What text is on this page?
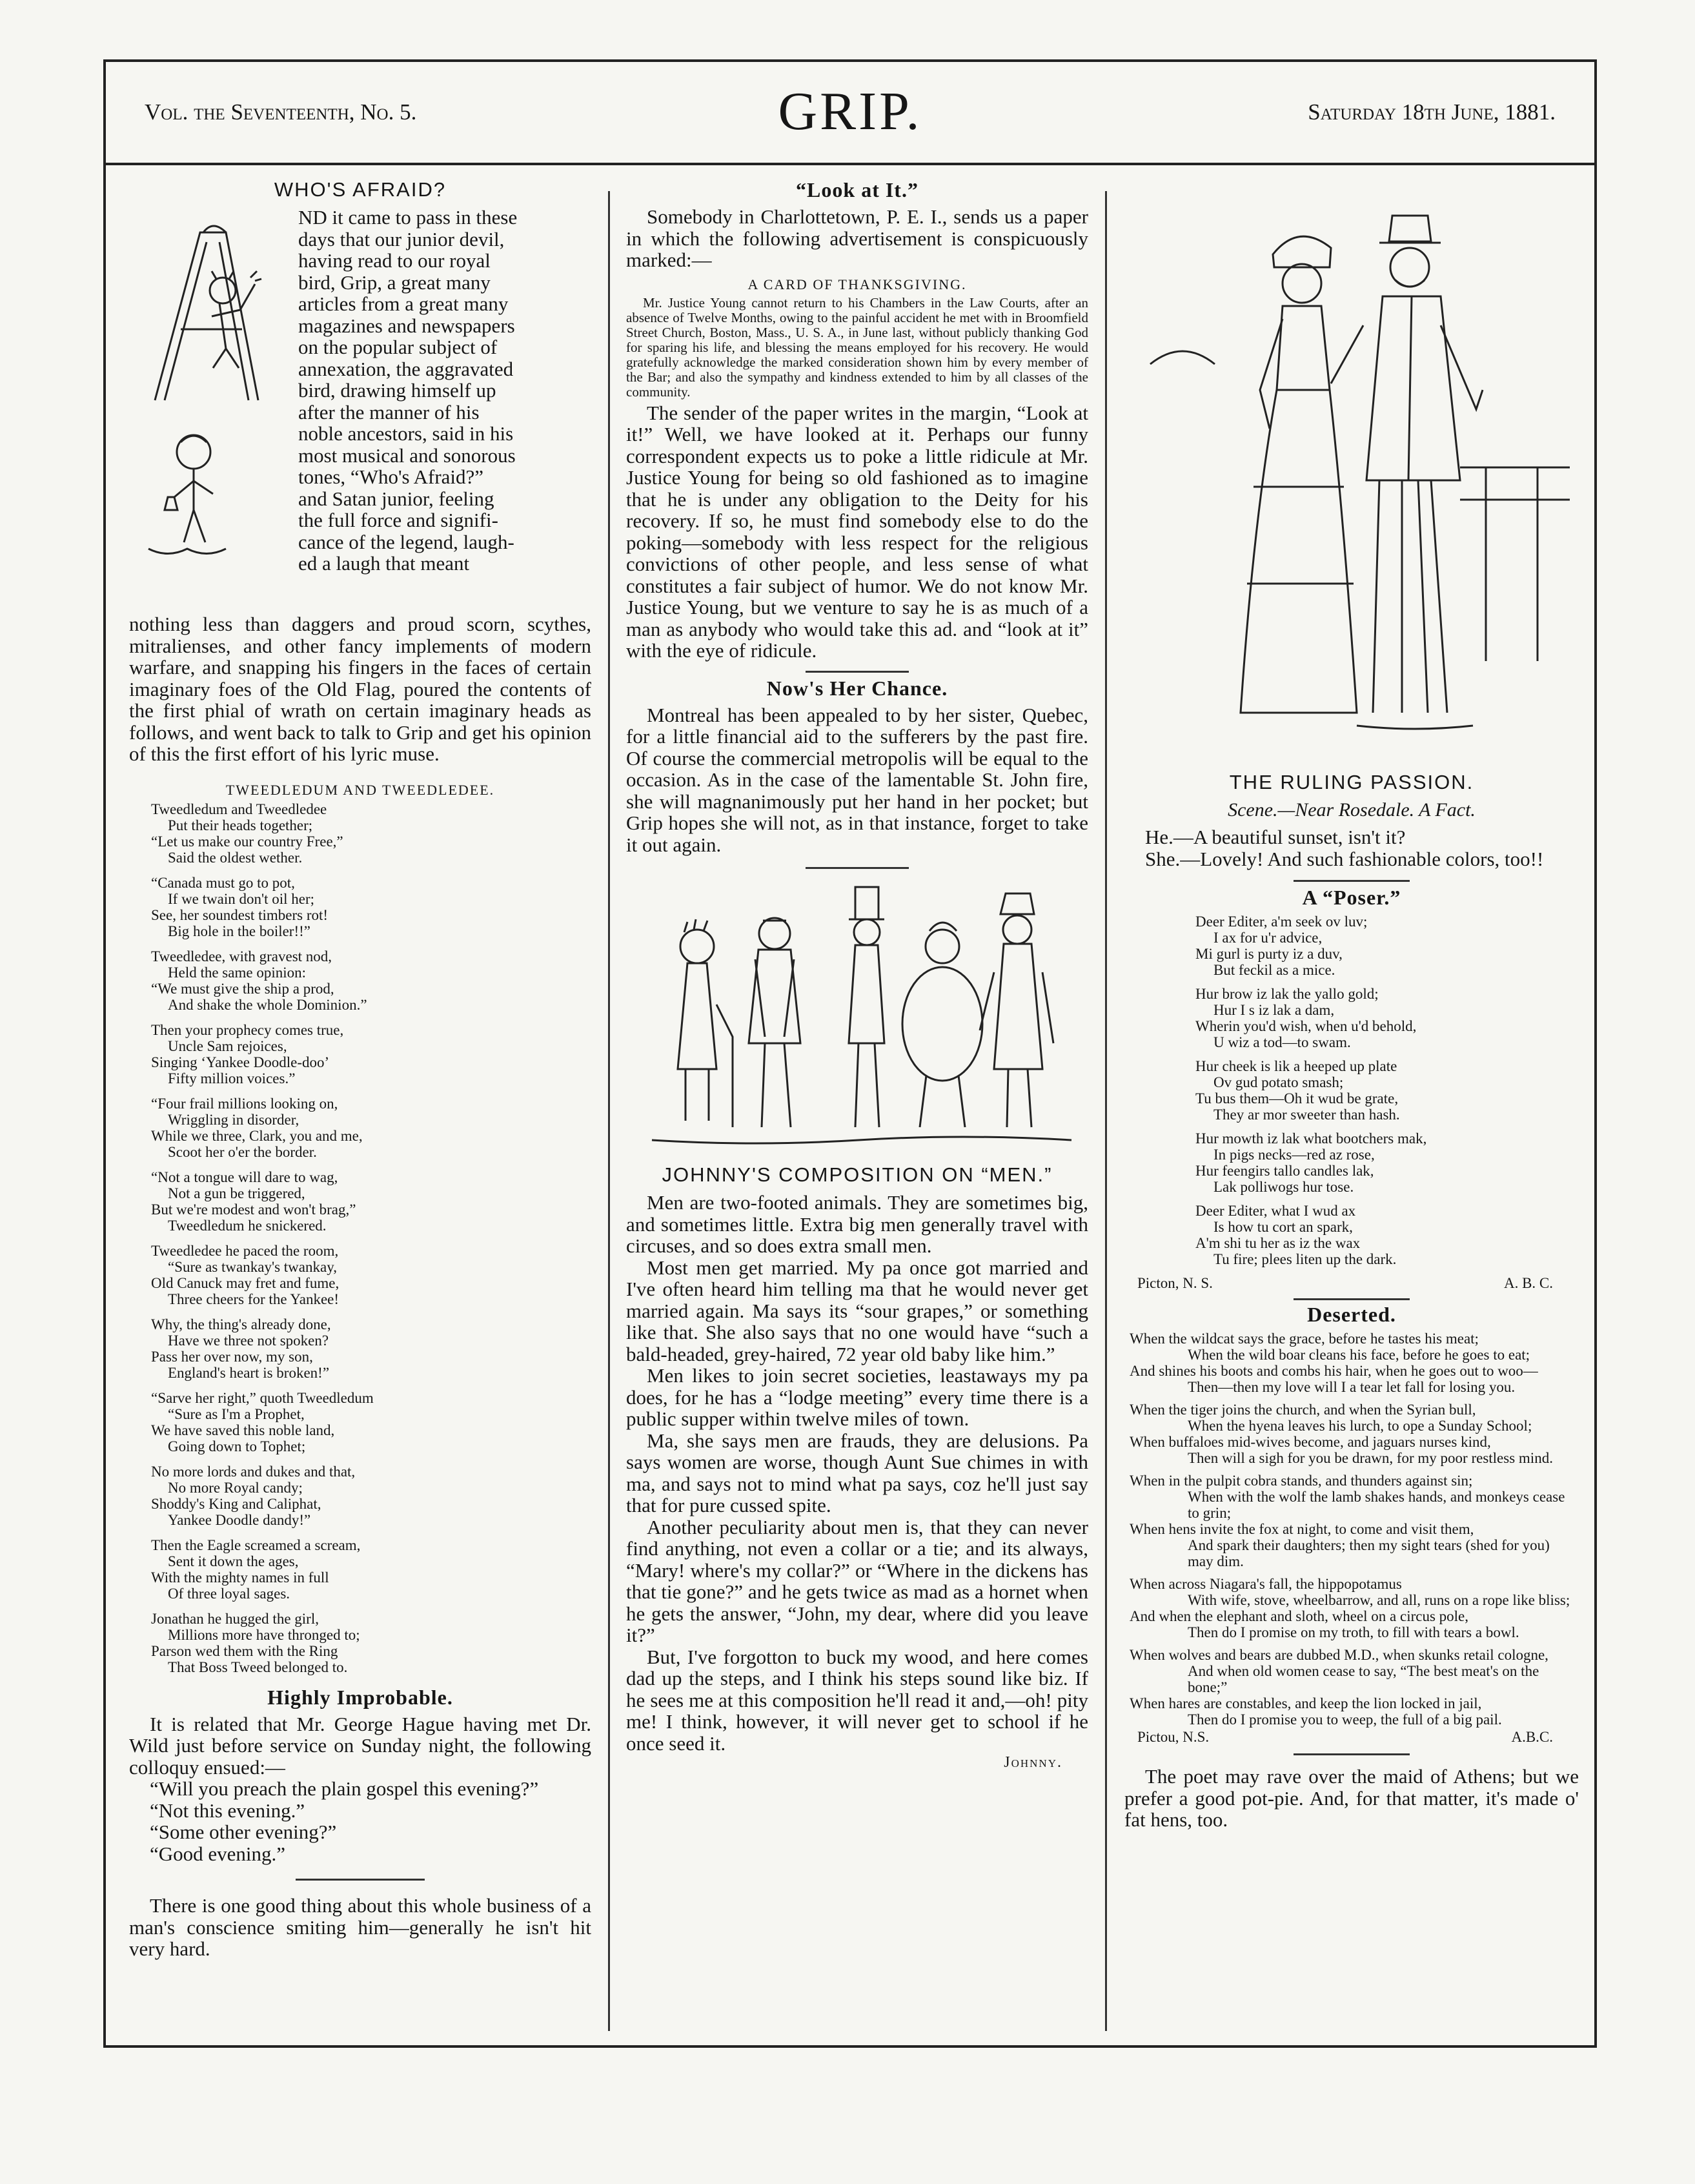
Vol. the Seventeenth, No. 5.	GRIP.	Saturday 18th June, 1881.
WHO'S AFRAID?
ND it came to pass in these
days that our junior devil,
having read to our royal
bird, Grip, a great many
articles from a great many
magazines and newspapers
on the popular subject of
annexation, the aggravated
bird, drawing himself up
after the manner of his
noble ancestors, said in his
most musical and sonorous
tones, “Who's Afraid?”
and Satan junior, feeling
the full force and signifi-
cance of the legend, laugh-
ed a laugh that meant

nothing less than daggers and proud scorn, scythes, mitralienses, and other fancy implements of modern warfare, and snapping his fingers in the faces of certain imaginary foes of the Old Flag, poured the contents of the first phial of wrath on certain imaginary heads as follows, and went back to talk to Grip and get his opinion of this the first effort of his lyric muse.

TWEEDLEDUM AND TWEEDLEDEE.
Tweedledum and Tweedledee
Put their heads together;
“Let us make our country Free,”
Said the oldest wether.
“Canada must go to pot,
If we twain don't oil her;
See, her soundest timbers rot!
Big hole in the boiler!!”
Tweedledee, with gravest nod,
Held the same opinion:
“We must give the ship a prod,
And shake the whole Dominion.”
Then your prophecy comes true,
Uncle Sam rejoices,
Singing ‘Yankee Doodle-doo’
Fifty million voices.”
“Four frail millions looking on,
Wriggling in disorder,
While we three, Clark, you and me,
Scoot her o'er the border.
“Not a tongue will dare to wag,
Not a gun be triggered,
But we're modest and won't brag,”
Tweedledum he snickered.
Tweedledee he paced the room,
“Sure as twankay's twankay,
Old Canuck may fret and fume,
Three cheers for the Yankee!
Why, the thing's already done,
Have we three not spoken?
Pass her over now, my son,
England's heart is broken!”
“Sarve her right,” quoth Tweedledum
“Sure as I'm a Prophet,
We have saved this noble land,
Going down to Tophet;
No more lords and dukes and that,
No more Royal candy;
Shoddy's King and Caliphat,
Yankee Doodle dandy!”
Then the Eagle screamed a scream,
Sent it down the ages,
With the mighty names in full
Of three loyal sages.
Jonathan he hugged the girl,
Millions more have thronged to;
Parson wed them with the Ring
That Boss Tweed belonged to.
Highly Improbable.

It is related that Mr. George Hague having met Dr. Wild just before service on Sunday night, the following colloquy ensued:—

“Will you preach the plain gospel this evening?”

“Not this evening.”

“Some other evening?”

“Good evening.”

There is one good thing about this whole business of a man's conscience smiting him—generally he isn't hit very hard.

“Look at It.”

Somebody in Charlottetown, P. E. I., sends us a paper in which the following advertisement is conspicuously marked:—

A CARD OF THANKSGIVING.

Mr. Justice Young cannot return to his Chambers in the Law Courts, after an absence of Twelve Months, owing to the painful accident he met with in Broomfield Street Church, Boston, Mass., U. S. A., in June last, without publicly thanking God for sparing his life, and blessing the means employed for his recovery. He would gratefully acknowledge the marked consideration shown him by every member of the Bar; and also the sympathy and kindness extended to him by all classes of the community.

The sender of the paper writes in the margin, “Look at it!” Well, we have looked at it. Perhaps our funny correspondent expects us to poke a little ridicule at Mr. Justice Young for being so old fashioned as to imagine that he is under any obligation to the Deity for his recovery. If so, he must find somebody else to do the poking—somebody with less respect for the religious convictions of other people, and less sense of what constitutes a fair subject of humor. We do not know Mr. Justice Young, but we venture to say he is as much of a man as anybody who would take this ad. and “look at it” with the eye of ridicule.

Now's Her Chance.

Montreal has been appealed to by her sister, Quebec, for a little financial aid to the sufferers by the past fire. Of course the commercial metropolis will be equal to the occasion. As in the case of the lamentable St. John fire, she will magnanimously put her hand in her pocket; but Grip hopes she will not, as in that instance, forget to take it out again.

JOHNNY'S COMPOSITION ON “MEN.”

Men are two-footed animals. They are sometimes big, and sometimes little. Extra big men generally travel with circuses, and so does extra small men.

Most men get married. My pa once got married and I've often heard him telling ma that he would never get married again. Ma says its “sour grapes,” or something like that. She also says that no one would have “such a bald-headed, grey-haired, 72 year old baby like him.”

Men likes to join secret societies, leastaways my pa does, for he has a “lodge meeting” every time there is a public supper within twelve miles of town.

Ma, she says men are frauds, they are delusions. Pa says women are worse, though Aunt Sue chimes in with ma, and says not to mind what pa says, coz he'll just say that for pure cussed spite.

Another peculiarity about men is, that they can never find anything, not even a collar or a tie; and its always, “Mary! where's my collar?” or “Where in the dickens has that tie gone?” and he gets twice as mad as a hornet when he gets the answer, “John, my dear, where did you leave it?”

But, I've forgotton to buck my wood, and here comes dad up the steps, and I think his steps sound like biz. If he sees me at this composition he'll read it and,—oh! pity me! I think, however, it will never get to school if he once seed it.

Johnny.
THE RULING PASSION.
Scene.—Near Rosedale. A Fact.

He.—A beautiful sunset, isn't it?

She.—Lovely! And such fashionable colors, too!!

A “Poser.”
Deer Editer, a'm seek ov luv;
I ax for u'r advice,
Mi gurl is purty iz a duv,
But feckil as a mice.
Hur brow iz lak the yallo gold;
Hur I s iz lak a dam,
Wherin you'd wish, when u'd behold,
U wiz a tod—to swam.
Hur cheek is lik a heeped up plate
Ov gud potato smash;
Tu bus them—Oh it wud be grate,
They ar mor sweeter than hash.
Hur mowth iz lak what bootchers mak,
In pigs necks—red az rose,
Hur feengirs tallo candles lak,
Lak polliwogs hur tose.
Deer Editer, what I wud ax
Is how tu cort an spark,
A'm shi tu her as iz the wax
Tu fire; plees liten up the dark.
Picton, N. S.	A. B. C.
Deserted.
When the wildcat says the grace, before he tastes his meat;
When the wild boar cleans his face, before he goes to eat;
And shines his boots and combs his hair, when he goes out to woo—
Then—then my love will I a tear let fall for losing you.
When the tiger joins the church, and when the Syrian bull,
When the hyena leaves his lurch, to ope a Sunday School;
When buffaloes mid-wives become, and jaguars nurses kind,
Then will a sigh for you be drawn, for my poor restless mind.
When in the pulpit cobra stands, and thunders against sin;
When with the wolf the lamb shakes hands, and monkeys cease to grin;
When hens invite the fox at night, to come and visit them,
And spark their daughters; then my sight tears (shed for you) may dim.
When across Niagara's fall, the hippopotamus
With wife, stove, wheelbarrow, and all, runs on a rope like bliss;
And when the elephant and sloth, wheel on a circus pole,
Then do I promise on my troth, to fill with tears a bowl.
When wolves and bears are dubbed M.D., when skunks retail cologne,
And when old women cease to say, “The best meat's on the bone;”
When hares are constables, and keep the lion locked in jail,
Then do I promise you to weep, the full of a big pail.
Pictou, N.S.	A.B.C.

The poet may rave over the maid of Athens; but we prefer a good pot-pie. And, for that matter, it's made o' fat hens, too.
